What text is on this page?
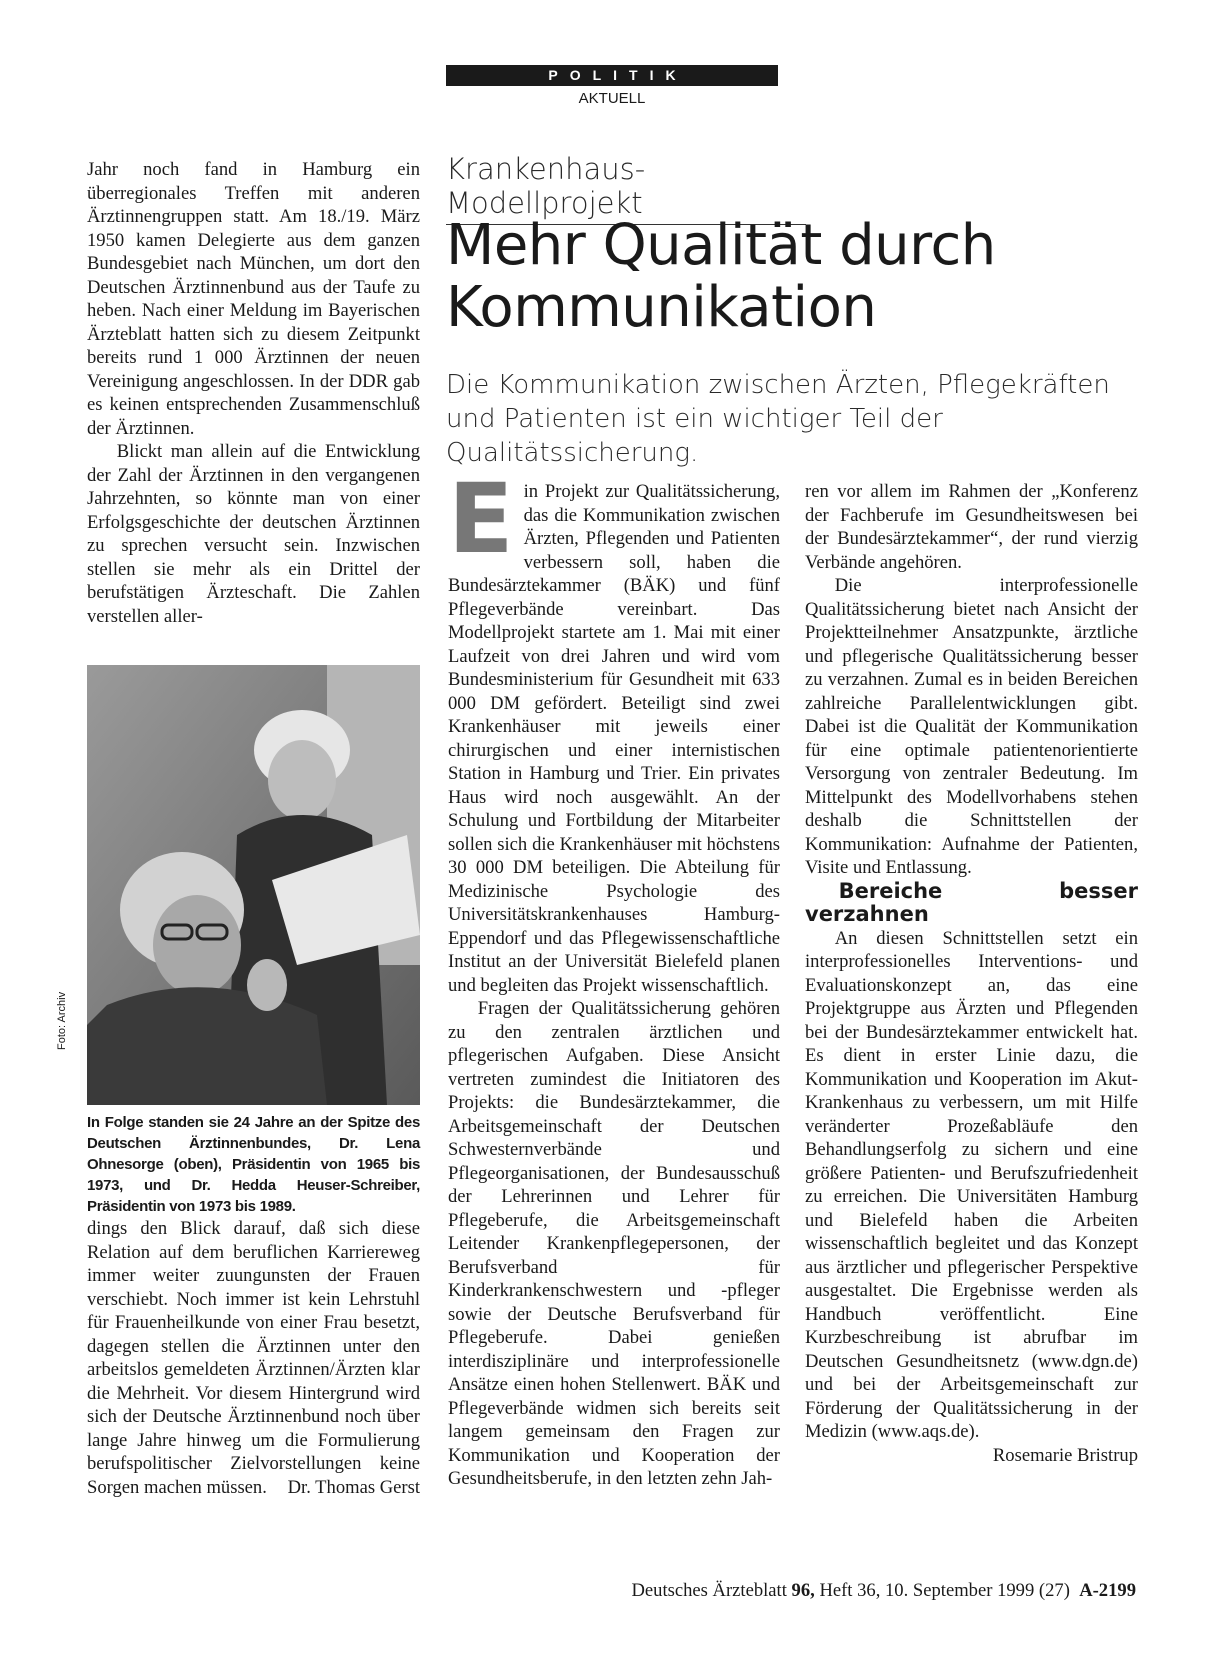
POLITIK
AKTUELL

Jahr noch fand in Hamburg ein überregionales Treffen mit anderen Ärztinnengruppen statt. Am 18./19. März 1950 kamen Delegierte aus dem ganzen Bundesgebiet nach München, um dort den Deutschen Ärztinnenbund aus der Taufe zu heben. Nach einer Meldung im Bayerischen Ärzteblatt hatten sich zu diesem Zeitpunkt bereits rund 1 000 Ärztinnen der neuen Vereinigung angeschlossen. In der DDR gab es keinen entsprechenden Zusammenschluß der Ärztinnen.

Blickt man allein auf die Entwicklung der Zahl der Ärztinnen in den vergangenen Jahrzehnten, so könnte man von einer Erfolgsgeschichte der deutschen Ärztinnen zu sprechen versucht sein. Inzwischen stellen sie mehr als ein Drittel der berufstätigen Ärzteschaft. Die Zahlen verstellen aller-

Foto: Archiv
In Folge standen sie 24 Jahre an der Spitze des Deutschen Ärztinnenbundes, Dr. Lena Ohnesorge (oben), Präsidentin von 1965 bis 1973, und Dr. Hedda Heuser-Schreiber, Präsidentin von 1973 bis 1989.

dings den Blick darauf, daß sich diese Relation auf dem beruflichen Karriereweg immer weiter zuungunsten der Frauen verschiebt. Noch immer ist kein Lehrstuhl für Frauenheilkunde von einer Frau besetzt, dagegen stellen die Ärztinnen unter den arbeitslos gemeldeten Ärztinnen/Ärzten klar die Mehrheit. Vor diesem Hintergrund wird sich der Deutsche Ärztinnenbund noch über lange Jahre hinweg um die Formulierung berufspolitischer Zielvorstellungen keine Sorgen machen müssen. Dr. Thomas Gerst

Krankenhaus-Modellprojekt
Mehr Qualität durch Kommunikation
Die Kommunikation zwischen Ärzten, Pflegekräften und Patienten ist ein wichtiger Teil der Qualitätssicherung.

Ein Projekt zur Qualitätssicherung, das die Kommunikation zwischen Ärzten, Pflegenden und Patienten verbessern soll, haben die Bundesärztekammer (BÄK) und fünf Pflegeverbände vereinbart. Das Modellprojekt startete am 1. Mai mit einer Laufzeit von drei Jahren und wird vom Bundesministerium für Gesundheit mit 633 000 DM gefördert. Beteiligt sind zwei Krankenhäuser mit jeweils einer chirurgischen und einer internistischen Station in Hamburg und Trier. Ein privates Haus wird noch ausgewählt. An der Schulung und Fortbildung der Mitarbeiter sollen sich die Krankenhäuser mit höchstens 30 000 DM beteiligen. Die Abteilung für Medizinische Psychologie des Universitätskrankenhauses Hamburg-Eppendorf und das Pflegewissenschaftliche Institut an der Universität Bielefeld planen und begleiten das Projekt wissenschaftlich.

Fragen der Qualitätssicherung gehören zu den zentralen ärztlichen und pflegerischen Aufgaben. Diese Ansicht vertreten zumindest die Initiatoren des Projekts: die Bundesärztekammer, die Arbeitsgemeinschaft der Deutschen Schwesternverbände und Pflegeorganisationen, der Bundesausschuß der Lehrerinnen und Lehrer für Pflegeberufe, die Arbeitsgemeinschaft Leitender Krankenpflegepersonen, der Berufsverband für Kinderkrankenschwestern und -pfleger sowie der Deutsche Berufsverband für Pflegeberufe. Dabei genießen interdisziplinäre und interprofessionelle Ansätze einen hohen Stellenwert. BÄK und Pflegeverbände widmen sich bereits seit langem gemeinsam den Fragen zur Kommunikation und Kooperation der Gesundheitsberufe, in den letzten zehn Jah-

ren vor allem im Rahmen der „Konferenz der Fachberufe im Gesundheitswesen bei der Bundesärztekammer“, der rund vierzig Verbände angehören.

Die interprofessionelle Qualitätssicherung bietet nach Ansicht der Projektteilnehmer Ansatzpunkte, ärztliche und pflegerische Qualitätssicherung besser zu verzahnen. Zumal es in beiden Bereichen zahlreiche Parallelentwicklungen gibt. Dabei ist die Qualität der Kommunikation für eine optimale patientenorientierte Versorgung von zentraler Bedeutung. Im Mittelpunkt des Modellvorhabens stehen deshalb die Schnittstellen der Kommunikation: Aufnahme der Patienten, Visite und Entlassung.

Bereiche besser verzahnen

An diesen Schnittstellen setzt ein interprofessionelles Interventions- und Evaluationskonzept an, das eine Projektgruppe aus Ärzten und Pflegenden bei der Bundesärztekammer entwickelt hat. Es dient in erster Linie dazu, die Kommunikation und Kooperation im Akut-Krankenhaus zu verbessern, um mit Hilfe veränderter Prozeßabläufe den Behandlungserfolg zu sichern und eine größere Patienten- und Berufszufriedenheit zu erreichen. Die Universitäten Hamburg und Bielefeld haben die Arbeiten wissenschaftlich begleitet und das Konzept aus ärztlicher und pflegerischer Perspektive ausgestaltet. Die Ergebnisse werden als Handbuch veröffentlicht. Eine Kurzbeschreibung ist abrufbar im Deutschen Gesundheitsnetz (www.dgn.de) und bei der Arbeitsgemeinschaft zur Förderung der Qualitätssicherung in der Medizin (www.aqs.de).
Rosemarie Bristrup

Deutsches Ärzteblatt 96, Heft 36, 10. September 1999 (27) A-2199
